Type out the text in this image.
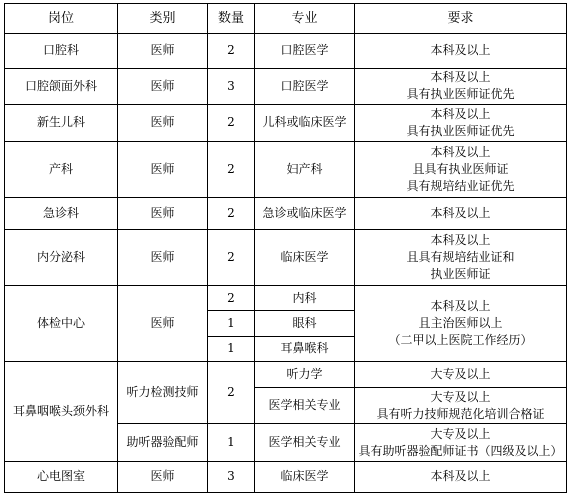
岗位	类别	数量	专业	要求
口腔科	医师	2	口腔医学	本科及以上

口腔颌面外科	医师	3	口腔医学	本科及以上
具有执业医师证优先

新生儿科	医师	2	儿科或临床医学	本科及以上
具有执业医师证优先

产科	医师	2	妇产科	本科及以上
且具有执业医师证
具有规培结业证优先

急诊科	医师	2	急诊或临床医学	本科及以上

内分泌科	医师	2	临床医学	本科及以上
且具有规培结业证和
执业医师证

体检中心	医师	2	内科	本科及以上
且主治医师以上
（二甲以上医院工作经历）

		1	眼科	
		1	耳鼻喉科	
耳鼻咽喉头颈外科	听力检测技师	2	听力学	大专及以上

			医学相关专业	大专及以上
具有听力技师规范化培训合格证

	助听器验配师	1	医学相关专业	大专及以上
具有助听器验配师证书（四级及以上）

心电图室	医师	3	临床医学	本科及以上
